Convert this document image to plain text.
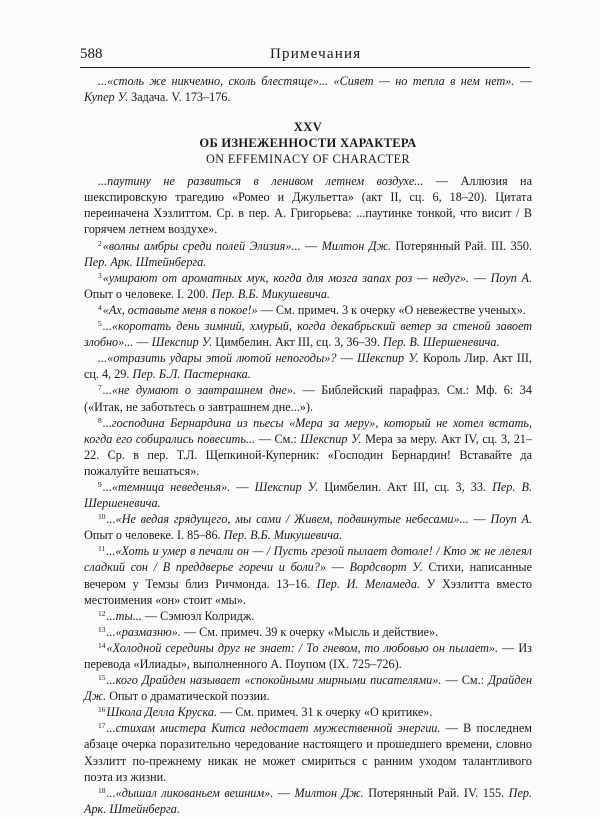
588	Примечания

...«столь же никчемно, сколь блестяще»... «Сияет — но тепла в нем нет». — Купер У. Задача. V. 173–176.

XXV
ОБ ИЗНЕЖЕННОСТИ ХАРАКТЕРА
ON EFFEMINACY OF CHARACTER

...паутину не развиться в ленивом летнем воздухе... — Аллюзия на шекспировскую трагедию «Ромео и Джульетта» (акт II, сц. 6, 18–20). Цитата переиначена Хэзлиттом. Ср. в пер. А. Григорьева: ...паутинке тонкой, что висит / В горячем летнем воздухе».

$^2$«волны амбры среди полей Элизия»... — Милтон Дж. Потерянный Рай. III. 350. Пер. Арк. Штейнберга.

$^3$«умирают от ароматных мук, когда для мозга запах роз — недуг». — Поуп А. Опыт о человеке. I. 200. Пер. В.Б. Микушевича.

$^4$«Ах, оставьте меня в покое!» — См. примеч. 3 к очерку «О невежестве ученых».

$^5$...«коротать день зимний, хмурый, когда декабрьский ветер за стеной завоет злобно»... — Шекспир У. Цимбелин. Акт III, сц. 3, 36–39. Пер. В. Шершеневича.

...«отразить удары этой лютой непогоды»? — Шекспир У. Король Лир. Акт III, сц. 4, 29. Пер. Б.Л. Пастернака.

$^7$...«не думают о завтрашнем дне». — Библейский парафраз. См.: Мф. 6: 34 («Итак, не заботьтесь о завтрашнем дне...»).

$^8$...господина Бернардина из пьесы «Мера за меру», который не хотел встать, когда его собирались повесить... — См.: Шекспир У. Мера за меру. Акт IV, сц. 3, 21–22. Ср. в пер. Т.Л. Щепкиной-Куперник: «Господин Бернардин! Вставайте да пожалуйте вешаться».

$^9$...«темница неведенья». — Шекспир У. Цимбелин. Акт III, сц. 3, 33. Пер. В. Шершеневича.

$^{10}$...«Не ведая грядущего, мы сами / Живем, подвинутые небесами»... — Поуп А. Опыт о человеке. I. 85–86. Пер. В.Б. Микушевича.

$^{11}$...«Хоть и умер в печали он — / Пусть грезой пылает дотоле! / Кто ж не лелеял сладкий сон / В преддверье горечи и боли?» — Вордсворт У. Стихи, написанные вечером у Темзы близ Ричмонда. 13–16. Пер. И. Меламеда. У Хэзлитта вместо местоимения «он» стоит «мы».

$^{12}$...ты... — Сэмюэл Колридж.

$^{13}$...«размазню». — См. примеч. 39 к очерку «Мысль и действие».

$^{14}$«Холодной середины друг не знает: / То гневом, то любовью он пылает». — Из перевода «Илиады», выполненного А. Поупом (IX. 725–726).

$^{15}$...кого Драйден называет «спокойными мирными писателями». — См.: Драйден Дж. Опыт о драматической поэзии.

$^{16}$Школа Делла Круска. — См. примеч. 31 к очерку «О критике».

$^{17}$...стихам мистера Китса недостает мужественной энергии. — В последнем абзаце очерка поразительно чередование настоящего и прошедшего времени, словно Хэзлитт по-прежнему никак не может смириться с ранним уходом талантливого поэта из жизни.

$^{18}$...«дышал ликованьем вешним». — Милтон Дж. Потерянный Рай. IV. 155. Пер. Арк. Штейнберга.
